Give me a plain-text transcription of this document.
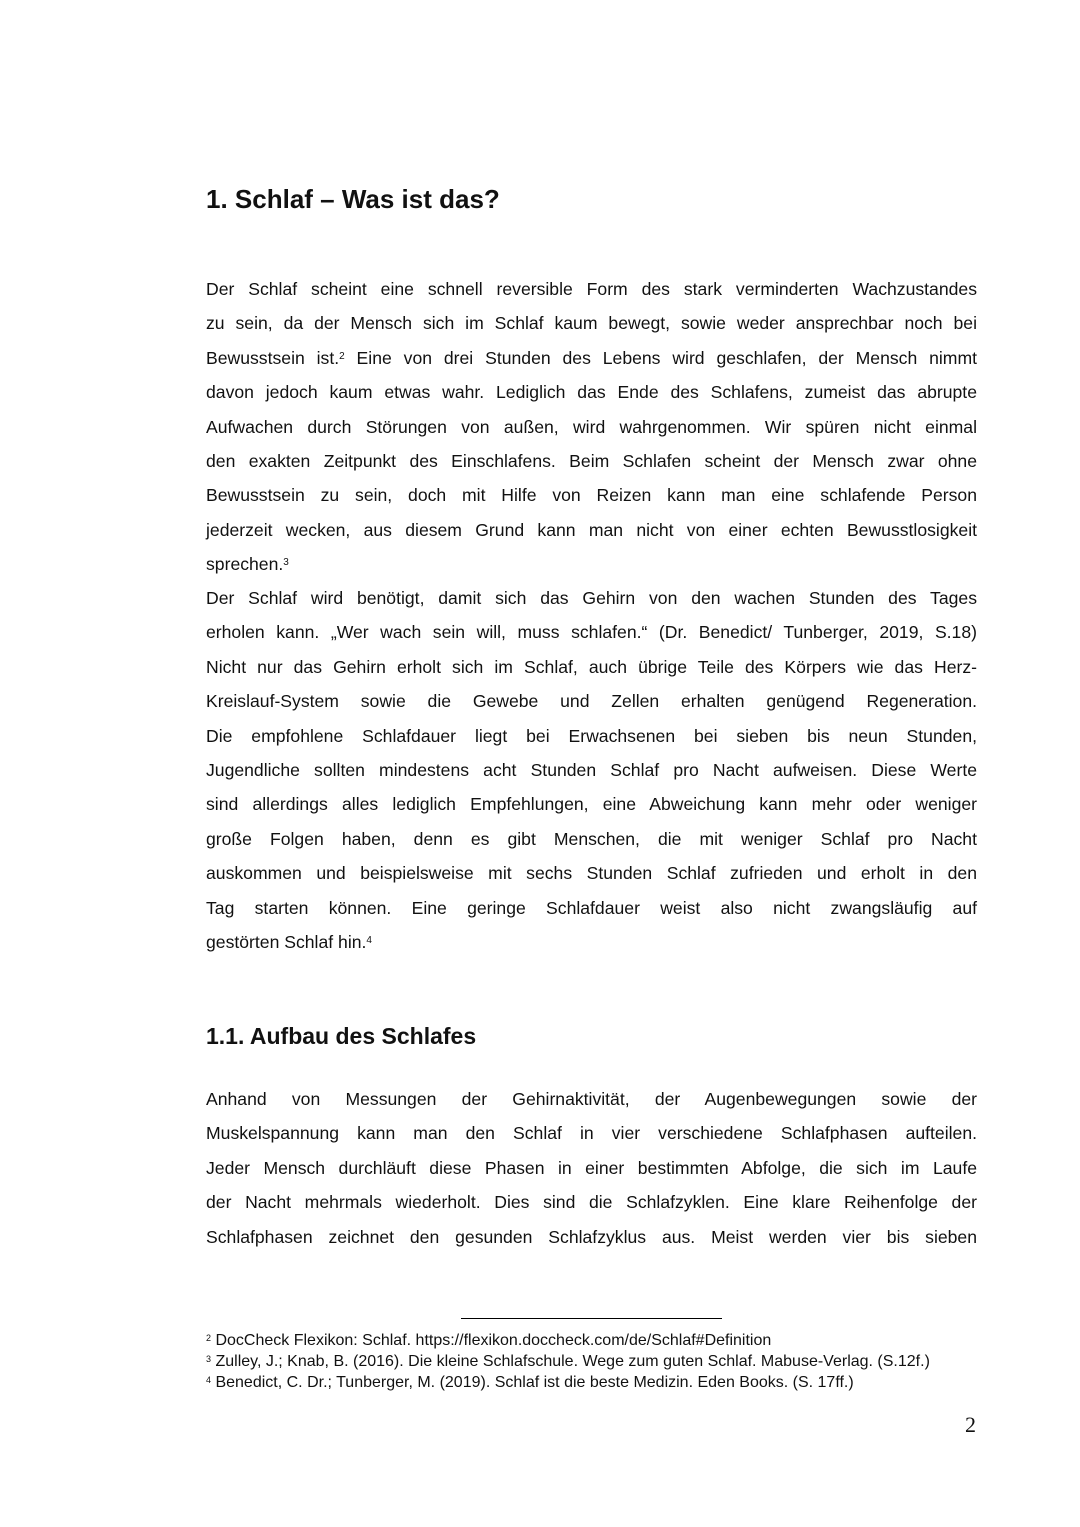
1. Schlaf – Was ist das?
Der Schlaf scheint eine schnell reversible Form des stark verminderten Wachzustandes
zu sein, da der Mensch sich im Schlaf kaum bewegt, sowie weder ansprechbar noch bei
Bewusstsein ist.$^2$ Eine von drei Stunden des Lebens wird geschlafen, der Mensch nimmt
davon jedoch kaum etwas wahr. Lediglich das Ende des Schlafens, zumeist das abrupte
Aufwachen durch Störungen von außen, wird wahrgenommen. Wir spüren nicht einmal
den exakten Zeitpunkt des Einschlafens. Beim Schlafen scheint der Mensch zwar ohne
Bewusstsein zu sein, doch mit Hilfe von Reizen kann man eine schlafende Person
jederzeit wecken, aus diesem Grund kann man nicht von einer echten Bewusstlosigkeit
sprechen.$^3$
Der Schlaf wird benötigt, damit sich das Gehirn von den wachen Stunden des Tages
erholen kann. „Wer wach sein will, muss schlafen.“ (Dr. Benedict/ Tunberger, 2019, S.18)
Nicht nur das Gehirn erholt sich im Schlaf, auch übrige Teile des Körpers wie das Herz-
Kreislauf-System sowie die Gewebe und Zellen erhalten genügend Regeneration.
Die empfohlene Schlafdauer liegt bei Erwachsenen bei sieben bis neun Stunden,
Jugendliche sollten mindestens acht Stunden Schlaf pro Nacht aufweisen. Diese Werte
sind allerdings alles lediglich Empfehlungen, eine Abweichung kann mehr oder weniger
große Folgen haben, denn es gibt Menschen, die mit weniger Schlaf pro Nacht
auskommen und beispielsweise mit sechs Stunden Schlaf zufrieden und erholt in den
Tag starten können. Eine geringe Schlafdauer weist also nicht zwangsläufig auf
gestörten Schlaf hin.$^4$
1.1. Aufbau des Schlafes
Anhand von Messungen der Gehirnaktivität, der Augenbewegungen sowie der
Muskelspannung kann man den Schlaf in vier verschiedene Schlafphasen aufteilen.
Jeder Mensch durchläuft diese Phasen in einer bestimmten Abfolge, die sich im Laufe
der Nacht mehrmals wiederholt. Dies sind die Schlafzyklen. Eine klare Reihenfolge der
Schlafphasen zeichnet den gesunden Schlafzyklus aus. Meist werden vier bis sieben
$^2$ DocCheck Flexikon: Schlaf. https://flexikon.doccheck.com/de/Schlaf#Definition
$^3$ Zulley, J.; Knab, B. (2016). Die kleine Schlafschule. Wege zum guten Schlaf. Mabuse-Verlag. (S.12f.)
$^4$ Benedict, C. Dr.; Tunberger, M. (2019). Schlaf ist die beste Medizin. Eden Books. (S. 17ff.)
2
